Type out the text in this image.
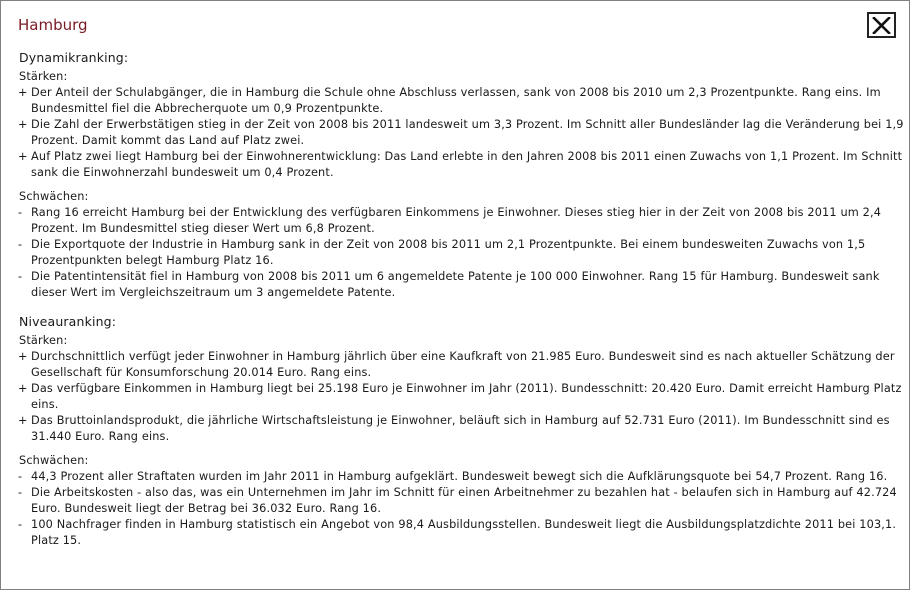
Hamburg
Dynamikranking:
Stärken:
+ Der Anteil der Schulabgänger, die in Hamburg die Schule ohne Abschluss verlassen, sank von 2008 bis 2010 um 2,3 Prozentpunkte. Rang eins. Im Bundesmittel fiel die Abbrecherquote um 0,9 Prozentpunkte.
+ Die Zahl der Erwerbstätigen stieg in der Zeit von 2008 bis 2011 landesweit um 3,3 Prozent. Im Schnitt aller Bundesländer lag die Veränderung bei 1,9 Prozent. Damit kommt das Land auf Platz zwei.
+ Auf Platz zwei liegt Hamburg bei der Einwohnerentwicklung: Das Land erlebte in den Jahren 2008 bis 2011 einen Zuwachs von 1,1 Prozent. Im Schnitt sank die Einwohnerzahl bundesweit um 0,4 Prozent.
Schwächen:
- Rang 16 erreicht Hamburg bei der Entwicklung des verfügbaren Einkommens je Einwohner. Dieses stieg hier in der Zeit von 2008 bis 2011 um 2,4 Prozent. Im Bundesmittel stieg dieser Wert um 6,8 Prozent.
- Die Exportquote der Industrie in Hamburg sank in der Zeit von 2008 bis 2011 um 2,1 Prozentpunkte. Bei einem bundesweiten Zuwachs von 1,5 Prozentpunkten belegt Hamburg Platz 16.
- Die Patentintensität fiel in Hamburg von 2008 bis 2011 um 6 angemeldete Patente je 100 000 Einwohner. Rang 15 für Hamburg. Bundesweit sank dieser Wert im Vergleichszeitraum um 3 angemeldete Patente.
Niveauranking:
Stärken:
+ Durchschnittlich verfügt jeder Einwohner in Hamburg jährlich über eine Kaufkraft von 21.985 Euro. Bundesweit sind es nach aktueller Schätzung der Gesellschaft für Konsumforschung 20.014 Euro. Rang eins.
+ Das verfügbare Einkommen in Hamburg liegt bei 25.198 Euro je Einwohner im Jahr (2011). Bundesschnitt: 20.420 Euro. Damit erreicht Hamburg Platz eins.
+ Das Bruttoinlandsprodukt, die jährliche Wirtschaftsleistung je Einwohner, beläuft sich in Hamburg auf 52.731 Euro (2011). Im Bundesschnitt sind es 31.440 Euro. Rang eins.
Schwächen:
- 44,3 Prozent aller Straftaten wurden im Jahr 2011 in Hamburg aufgeklärt. Bundesweit bewegt sich die Aufklärungsquote bei 54,7 Prozent. Rang 16.
- Die Arbeitskosten - also das, was ein Unternehmen im Jahr im Schnitt für einen Arbeitnehmer zu bezahlen hat - belaufen sich in Hamburg auf 42.724 Euro. Bundesweit liegt der Betrag bei 36.032 Euro. Rang 16.
- 100 Nachfrager finden in Hamburg statistisch ein Angebot von 98,4 Ausbildungsstellen. Bundesweit liegt die Ausbildungsplatzdichte 2011 bei 103,1. Platz 15.
